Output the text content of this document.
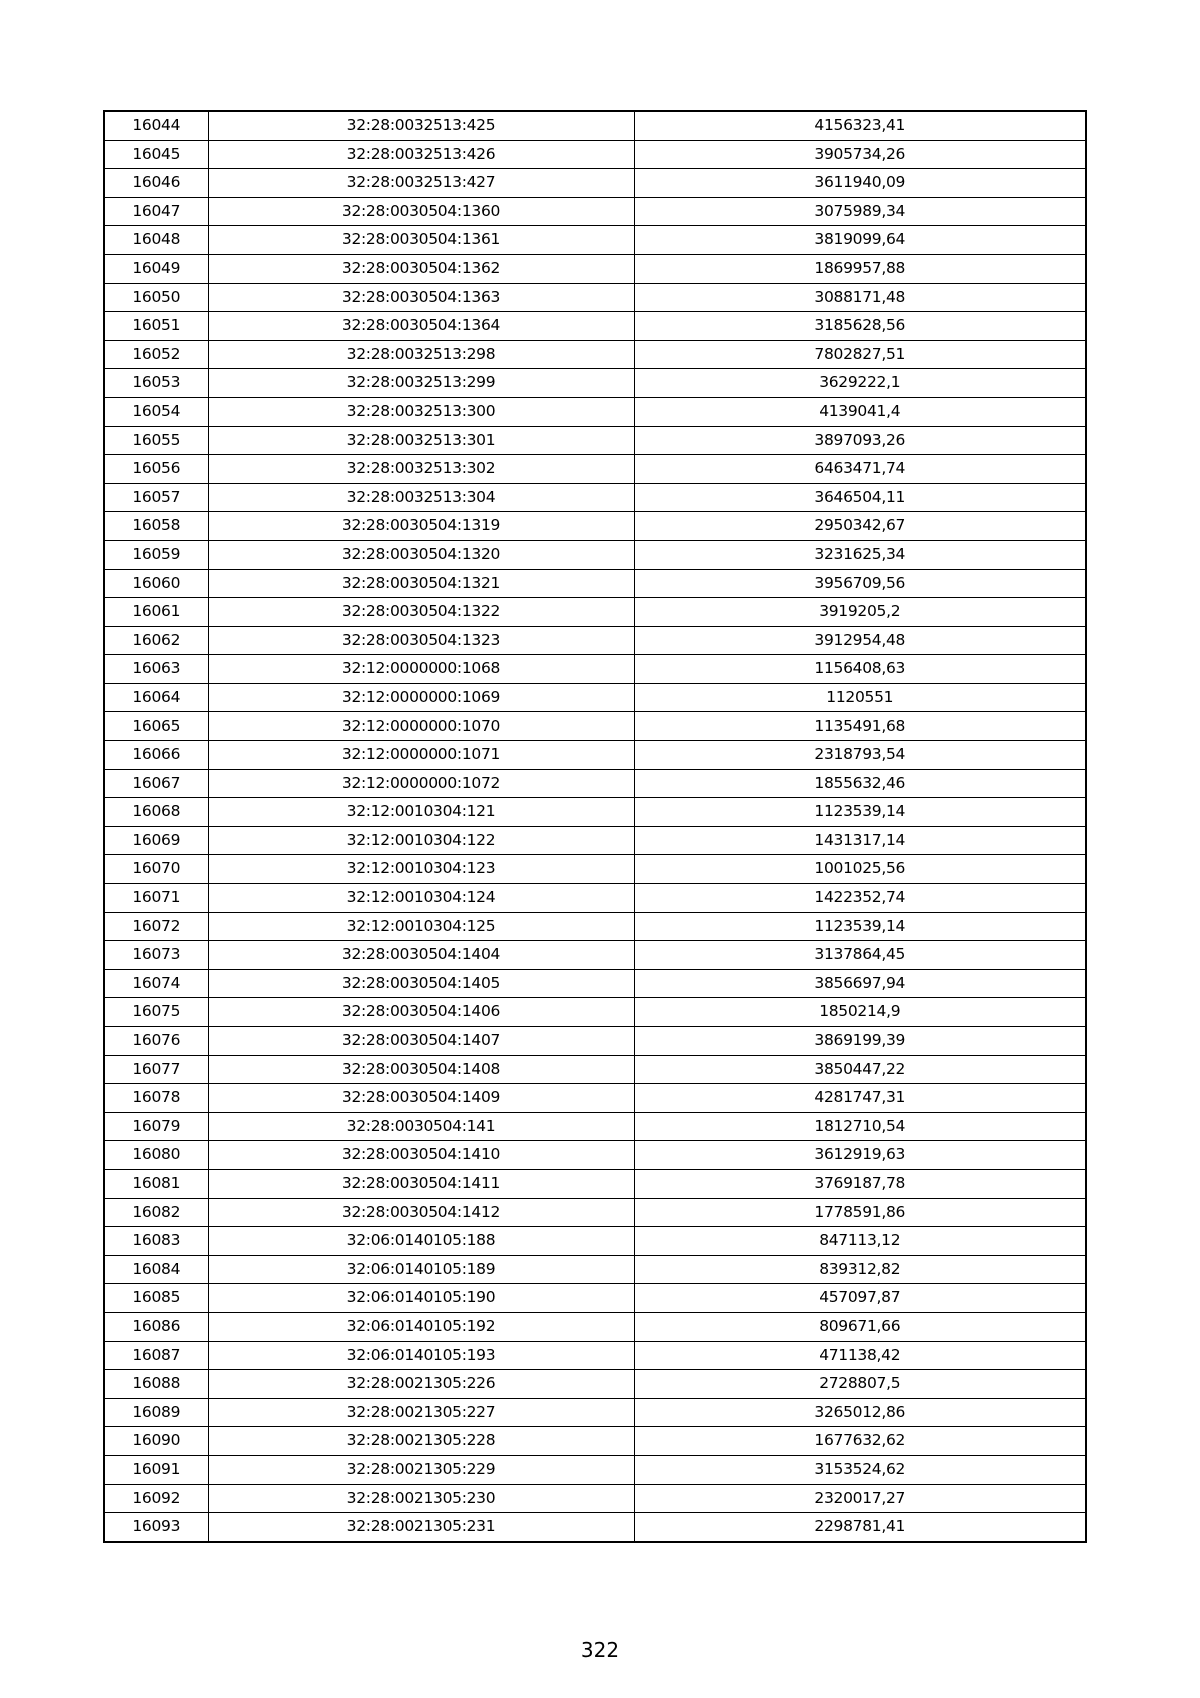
16044	32:28:0032513:425	4156323,41
16045	32:28:0032513:426	3905734,26
16046	32:28:0032513:427	3611940,09
16047	32:28:0030504:1360	3075989,34
16048	32:28:0030504:1361	3819099,64
16049	32:28:0030504:1362	1869957,88
16050	32:28:0030504:1363	3088171,48
16051	32:28:0030504:1364	3185628,56
16052	32:28:0032513:298	7802827,51
16053	32:28:0032513:299	3629222,1
16054	32:28:0032513:300	4139041,4
16055	32:28:0032513:301	3897093,26
16056	32:28:0032513:302	6463471,74
16057	32:28:0032513:304	3646504,11
16058	32:28:0030504:1319	2950342,67
16059	32:28:0030504:1320	3231625,34
16060	32:28:0030504:1321	3956709,56
16061	32:28:0030504:1322	3919205,2
16062	32:28:0030504:1323	3912954,48
16063	32:12:0000000:1068	1156408,63
16064	32:12:0000000:1069	1120551
16065	32:12:0000000:1070	1135491,68
16066	32:12:0000000:1071	2318793,54
16067	32:12:0000000:1072	1855632,46
16068	32:12:0010304:121	1123539,14
16069	32:12:0010304:122	1431317,14
16070	32:12:0010304:123	1001025,56
16071	32:12:0010304:124	1422352,74
16072	32:12:0010304:125	1123539,14
16073	32:28:0030504:1404	3137864,45
16074	32:28:0030504:1405	3856697,94
16075	32:28:0030504:1406	1850214,9
16076	32:28:0030504:1407	3869199,39
16077	32:28:0030504:1408	3850447,22
16078	32:28:0030504:1409	4281747,31
16079	32:28:0030504:141	1812710,54
16080	32:28:0030504:1410	3612919,63
16081	32:28:0030504:1411	3769187,78
16082	32:28:0030504:1412	1778591,86
16083	32:06:0140105:188	847113,12
16084	32:06:0140105:189	839312,82
16085	32:06:0140105:190	457097,87
16086	32:06:0140105:192	809671,66
16087	32:06:0140105:193	471138,42
16088	32:28:0021305:226	2728807,5
16089	32:28:0021305:227	3265012,86
16090	32:28:0021305:228	1677632,62
16091	32:28:0021305:229	3153524,62
16092	32:28:0021305:230	2320017,27
16093	32:28:0021305:231	2298781,41
322
